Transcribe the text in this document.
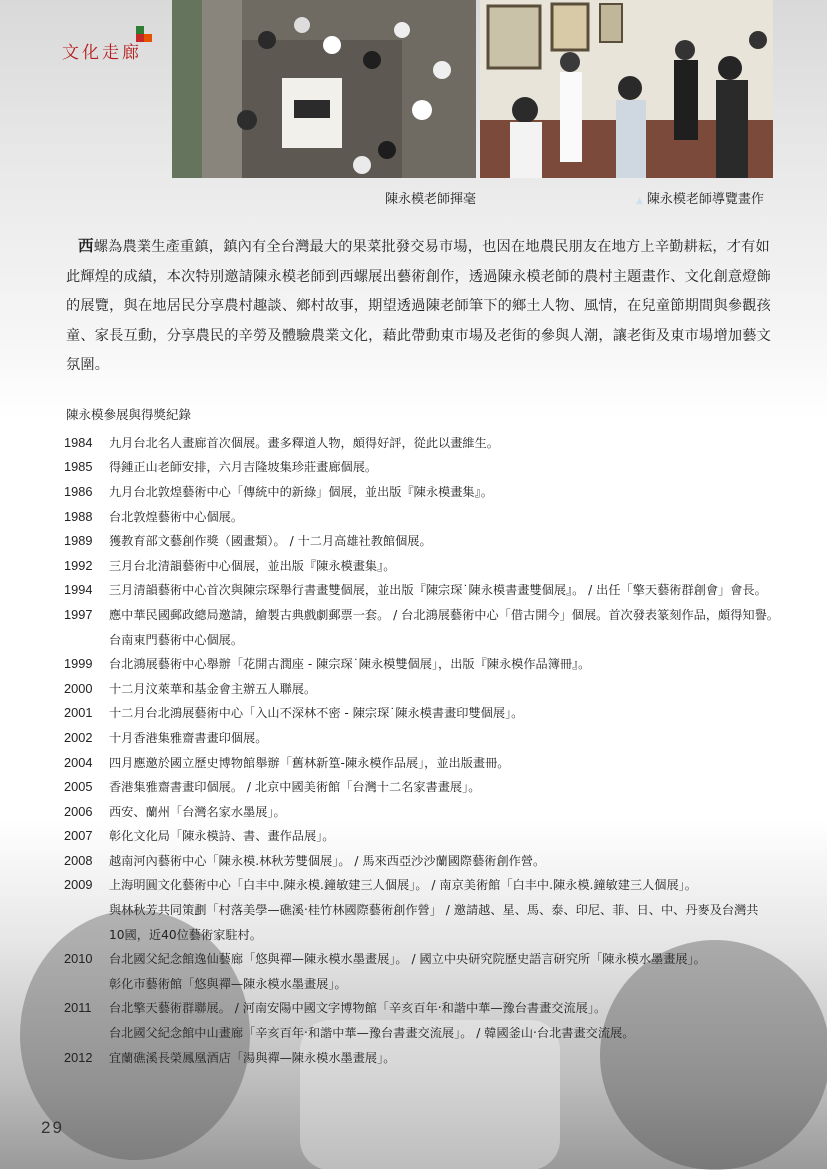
文化走廊
陳永模老師揮毫	▲ 陳永模老師導覽畫作
西螺為農業生產重鎮，鎮內有全台灣最大的果菜批發交易市場，也因在地農民朋友在地方上辛勤耕耘，才有如此輝煌的成績，本次特別邀請陳永模老師到西螺展出藝術創作，透過陳永模老師的農村主題畫作、文化創意燈飾的展覽，與在地居民分享農村趣談、鄉村故事，期望透過陳老師筆下的鄉土人物、風情，在兒童節期間與參觀孩童、家長互動，分享農民的辛勞及體驗農業文化，藉此帶動東市場及老街的參與人潮，讓老街及東市場增加藝文氛圍。
陳永模參展與得獎紀錄
1984	九月台北名人畫廊首次個展。畫多釋道人物，頗得好評，從此以畫維生。
1985	得鍾正山老師安排，六月吉隆坡集珍莊畫廊個展。
1986	九月台北敦煌藝術中心「傳統中的新綠」個展，並出版『陳永模畫集』。
1988	台北敦煌藝術中心個展。
1989	獲教育部文藝創作獎（國畫類）。 / 十二月高雄社教館個展。
1992	三月台北清韻藝術中心個展，並出版『陳永模畫集』。
1994	三月清韻藝術中心首次與陳宗琛舉行書畫雙個展，並出版『陳宗琛˙陳永模書畫雙個展』。 / 出任「擎天藝術群創會」會長。
1997	應中華民國郵政總局邀請，繪製古典戲劇郵票一套。 / 台北鴻展藝術中心「借古開今」個展。首次發表篆刻作品，頗得知譽。
台南東門藝術中心個展。
1999	台北鴻展藝術中心舉辦「花開古潤座 - 陳宗琛˙陳永模雙個展」，出版『陳永模作品簿冊』。
2000	十二月汶萊華和基金會主辦五人聯展。
2001	十二月台北鴻展藝術中心「入山不深林不密 - 陳宗琛˙陳永模書畫印雙個展」。
2002	十月香港集雅齋書畫印個展。
2004	四月應邀於國立歷史博物館舉辦「舊林新篁-陳永模作品展」，並出版畫冊。
2005	香港集雅齋書畫印個展。 / 北京中國美術館「台灣十二名家書畫展」。
2006	西安、蘭州「台灣名家水墨展」。
2007	彰化文化局「陳永模詩、書、畫作品展」。
2008	越南河內藝術中心「陳永模.林秋芳雙個展」。 / 馬來西亞沙沙蘭國際藝術創作營。
2009	上海明圓文化藝術中心「白丰中.陳永模.鐘敏建三人個展」。 / 南京美術館「白丰中.陳永模.鐘敏建三人個展」。
與林秋芳共同策劃「村落美學—礁溪‧桂竹林國際藝術創作營」 / 邀請越、星、馬、泰、印尼、菲、日、中、丹麥及台灣共
10國，近40位藝術家駐村。
2010	台北國父紀念館逸仙藝廊「悠與禪—陳永模水墨畫展」。 / 國立中央研究院歷史語言研究所「陳永模水墨畫展」。
彰化市藝術館「悠與禪—陳永模水墨畫展」。
2011	台北擎天藝術群聯展。 / 河南安陽中國文字博物館「辛亥百年‧和諧中華—豫台書畫交流展」。
台北國父紀念館中山畫廊「辛亥百年‧和諧中華—豫台書畫交流展」。 / 韓國釜山‧台北書畫交流展。
2012	宜蘭礁溪長榮鳳凰酒店「湯與禪—陳永模水墨畫展」。
29
